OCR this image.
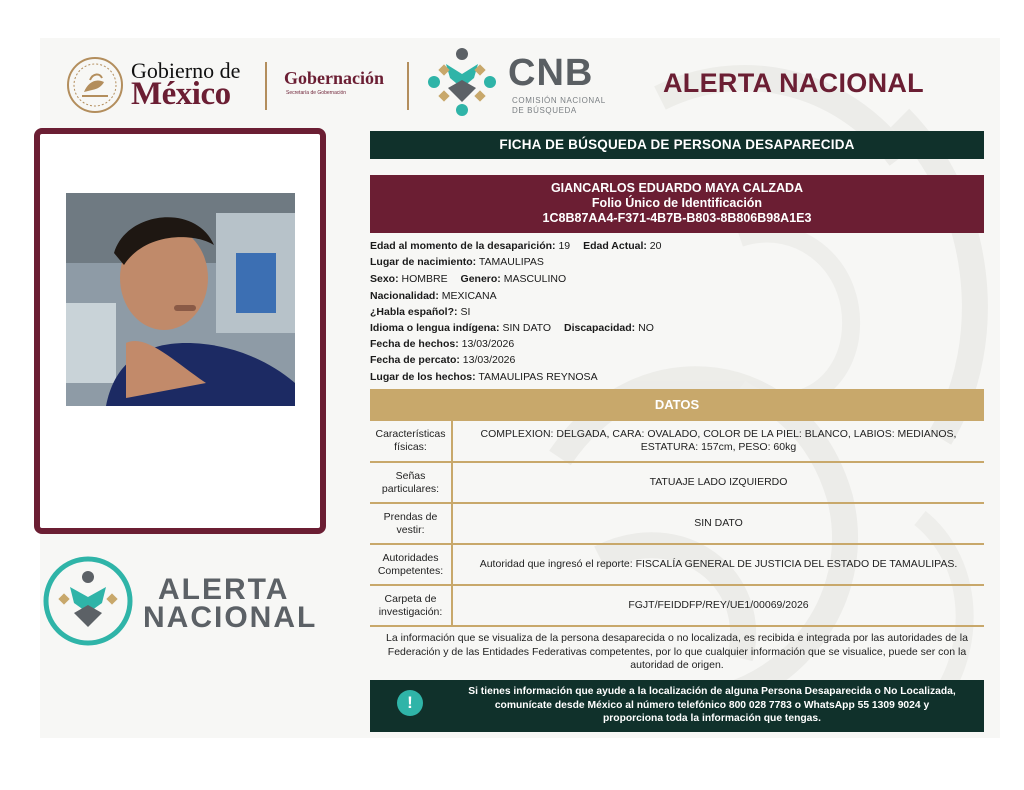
Gobierno de
México	Gobernación
Secretaría de Gobernación	CNB
COMISIÓN NACIONAL
DE BÚSQUEDA
ALERTA NACIONAL
ALERTA
NACIONAL
FICHA DE BÚSQUEDA DE PERSONA DESAPARECIDA
GIANCARLOS EDUARDO MAYA CALZADA
Folio Único de Identificación
1C8B87AA4-F371-4B7B-B803-8B806B98A1E3
Edad al momento de la desaparición: 19 Edad Actual: 20
Lugar de nacimiento: TAMAULIPAS
Sexo: HOMBRE Genero: MASCULINO
Nacionalidad: MEXICANA
¿Habla español?: SI
Idioma o lengua indígena: SIN DATO Discapacidad: NO
Fecha de hechos: 13/03/2026
Fecha de percato: 13/03/2026
Lugar de los hechos: TAMAULIPAS REYNOSA
DATOS
Características físicas:	COMPLEXION: DELGADA, CARA: OVALADO, COLOR DE LA PIEL: BLANCO, LABIOS: MEDIANOS, ESTATURA: 157cm, PESO: 60kg
Señas particulares:	TATUAJE LADO IZQUIERDO
Prendas de vestir:	SIN DATO
Autoridades Competentes:	Autoridad que ingresó el reporte: FISCALÍA GENERAL DE JUSTICIA DEL ESTADO DE TAMAULIPAS.
Carpeta de investigación:	FGJT/FEIDDFP/REY/UE1/00069/2026
La información que se visualiza de la persona desaparecida o no localizada, es recibida e integrada por las autoridades de la Federación y de las Entidades Federativas competentes, por lo que cualquier información que se visualice, puede ser con la autoridad de origen.
!
Si tienes información que ayude a la localización de alguna Persona Desaparecida o No Localizada,
comunícate desde México al número telefónico 800 028 7783 o WhatsApp 55 1309 9024 y
proporciona toda la información que tengas.
